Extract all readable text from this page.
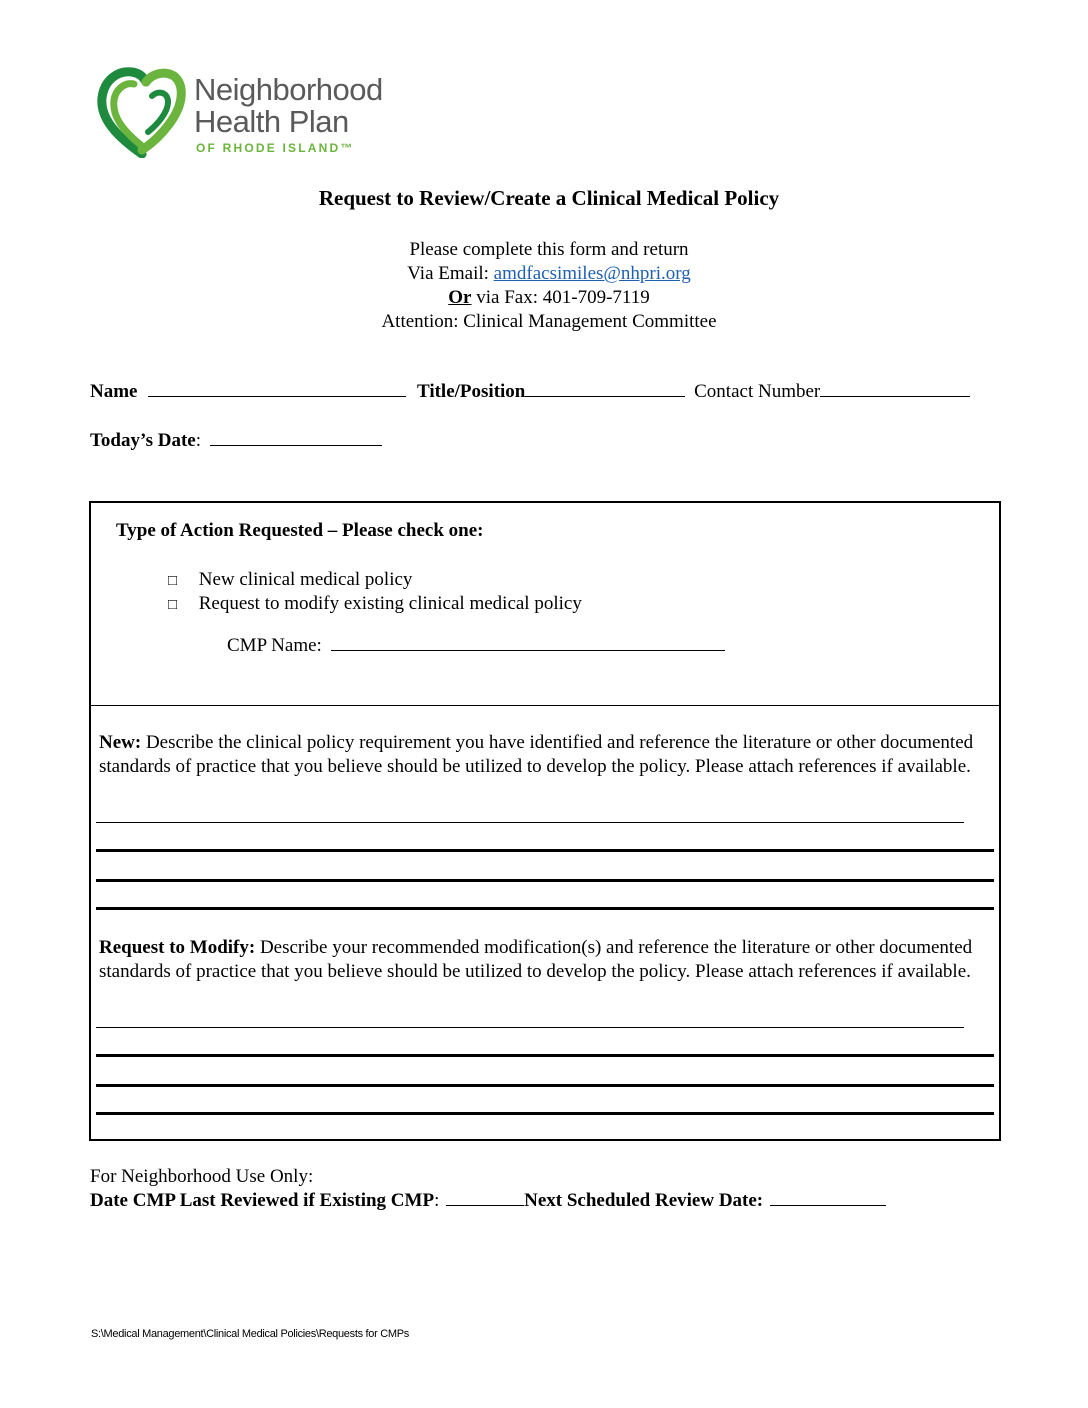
Neighborhood
Health Plan
OF RHODE ISLAND™
Request to Review/Create a Clinical Medical Policy
Please complete this form and return
Via Email: amdfacsimiles@nhpri.org
Or via Fax: 401-709-7119
Attention: Clinical Management Committee
Name	Title/Position	Contact Number
Today’s Date:
Type of Action Requested – Please check one:
□ New clinical medical policy
□ Request to modify existing clinical medical policy
CMP Name:
New: Describe the clinical policy requirement you have identified and reference the literature or other documented standards of practice that you believe should be utilized to develop the policy. Please attach references if available.
Request to Modify: Describe your recommended modification(s) and reference the literature or other documented standards of practice that you believe should be utilized to develop the policy. Please attach references if available.
For Neighborhood Use Only:
Date CMP Last Reviewed if Existing CMP:	Next Scheduled Review Date:
S:\Medical Management\Clinical Medical Policies\Requests for CMPs
